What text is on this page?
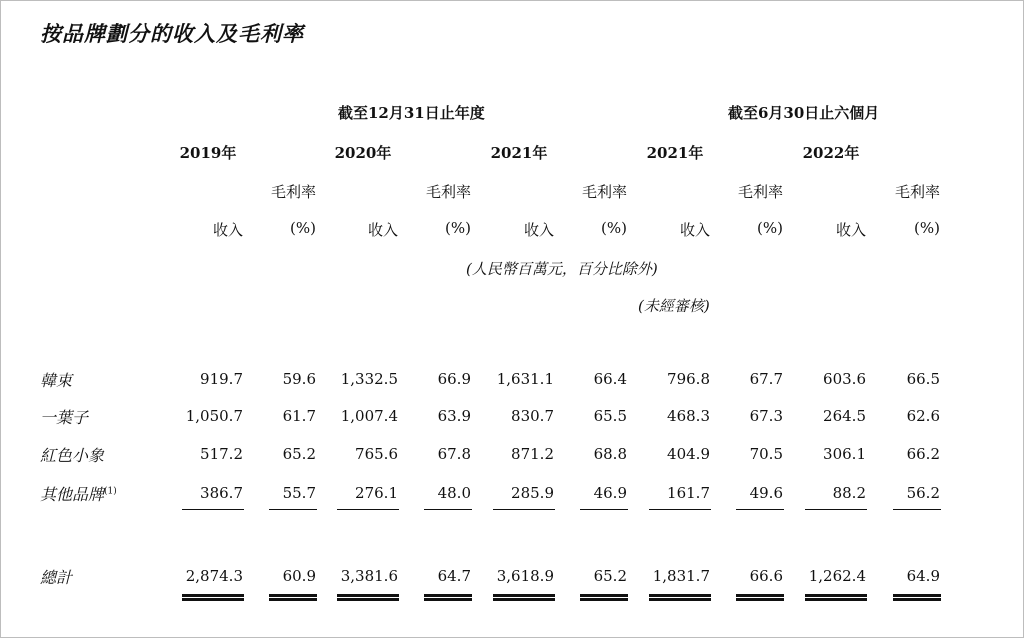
按品牌劃分的收入及毛利率
截至12月31日止年度	截至6月30日止六個月
2019年	2020年	2021年	2021年	2022年
毛利率
收入	(%)
毛利率
收入	(%)
毛利率
收入	(%)
毛利率
收入	(%)
毛利率
收入	(%)
韓束	919.7	59.6	1,332.5	66.9	1,631.1	66.4	796.8	67.7	603.6	66.5
一葉子	1,050.7	61.7	1,007.4	63.9	830.7	65.5	468.3	67.3	264.5	62.6
紅色小象	517.2	65.2	765.6	67.8	871.2	68.8	404.9	70.5	306.1	66.2
其他品牌$^{(1)}$	386.7	55.7	276.1	48.0	285.9	46.9	161.7	49.6	88.2	56.2
總計	2,874.3	60.9	3,381.6	64.7	3,618.9	65.2	1,831.7	66.6	1,262.4	64.9
(人民幣百萬元，百分比除外)
(未經審核)
